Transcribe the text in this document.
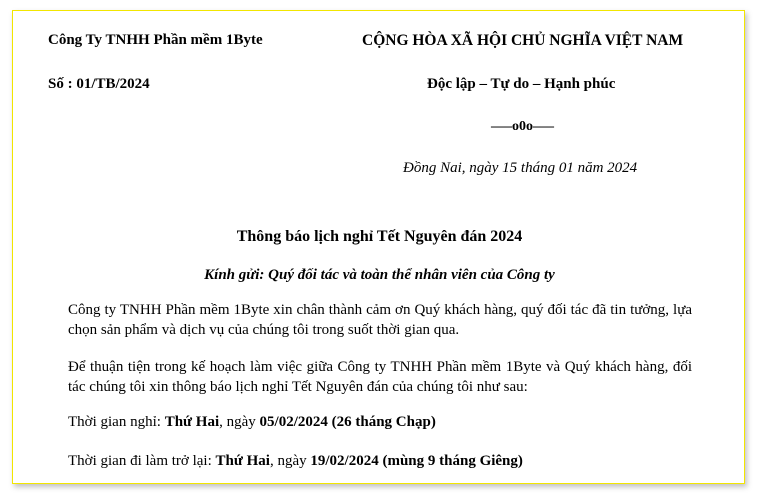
Công Ty TNHH Phần mềm 1Byte	CỘNG HÒA XÃ HỘI CHỦ NGHĨA VIỆT NAM
Số : 01/TB/2024	Độc lập – Tự do – Hạnh phúc
–––o0o–––
Đồng Nai, ngày 15 tháng 01 năm 2024
Thông báo lịch nghỉ Tết Nguyên đán 2024
Kính gửi: Quý đối tác và toàn thể nhân viên của Công ty
Công ty TNHH Phần mềm 1Byte xin chân thành cảm ơn Quý khách hàng, quý đối tác đã tin tưởng, lựa chọn sản phẩm và dịch vụ của chúng tôi trong suốt thời gian qua.
Để thuận tiện trong kế hoạch làm việc giữa Công ty TNHH Phần mềm 1Byte và Quý khách hàng, đối tác chúng tôi xin thông báo lịch nghỉ Tết Nguyên đán của chúng tôi như sau:
Thời gian nghỉ: Thứ Hai, ngày 05/02/2024 (26 tháng Chạp)
Thời gian đi làm trở lại: Thứ Hai, ngày 19/02/2024 (mùng 9 tháng Giêng)
